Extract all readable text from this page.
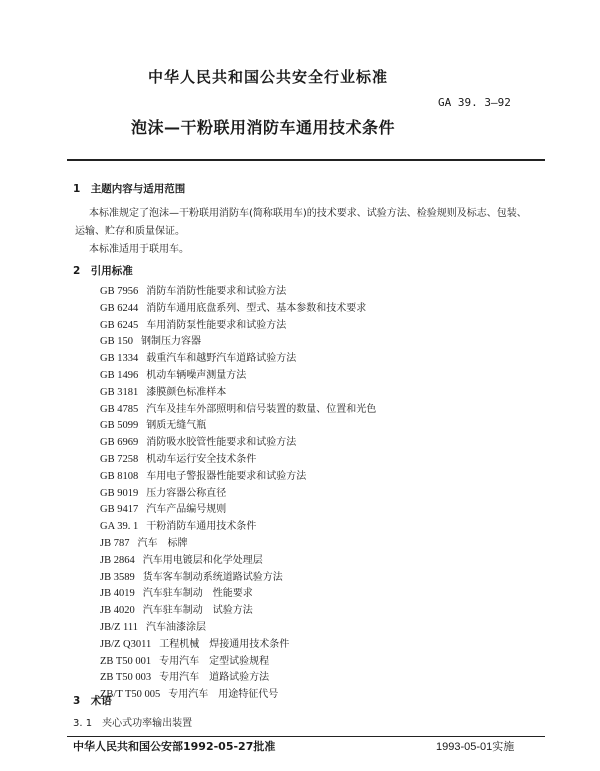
中华人民共和国公共安全行业标准
GA 39. 3—92
泡沫—干粉联用消防车通用技术条件
1　主题内容与适用范围
本标准规定了泡沫—干粉联用消防车(简称联用车)的技术要求、试验方法、检验规则及标志、包装、
运输、贮存和质量保证。
本标准适用于联用车。
2　引用标准
GB 7956 消防车消防性能要求和试验方法
GB 6244 消防车通用底盘系列、型式、基本参数和技术要求
GB 6245 车用消防泵性能要求和试验方法
GB 150 钢制压力容器
GB 1334 载重汽车和越野汽车道路试验方法
GB 1496 机动车辆噪声测量方法
GB 3181 漆膜颜色标准样本
GB 4785 汽车及挂车外部照明和信号装置的数量、位置和光色
GB 5099 钢质无缝气瓶
GB 6969 消防吸水胶管性能要求和试验方法
GB 7258 机动车运行安全技术条件
GB 8108 车用电子警报器性能要求和试验方法
GB 9019 压力容器公称直径
GB 9417 汽车产品编号规则
GA 39. 1 干粉消防车通用技术条件
JB 787 汽车　标牌
JB 2864 汽车用电镀层和化学处理层
JB 3589 货车客车制动系统道路试验方法
JB 4019 汽车驻车制动　性能要求
JB 4020 汽车驻车制动　试验方法
JB/Z 111 汽车油漆涂层
JB/Z Q3011 工程机械　焊接通用技术条件
ZB T50 001 专用汽车　定型试验规程
ZB T50 003 专用汽车　道路试验方法
ZB/T T50 005 专用汽车　用途特征代号
3　术语
3. 1　夹心式功率输出装置
中华人民共和国公安部1992-05-27批准	1993-05-01实施
